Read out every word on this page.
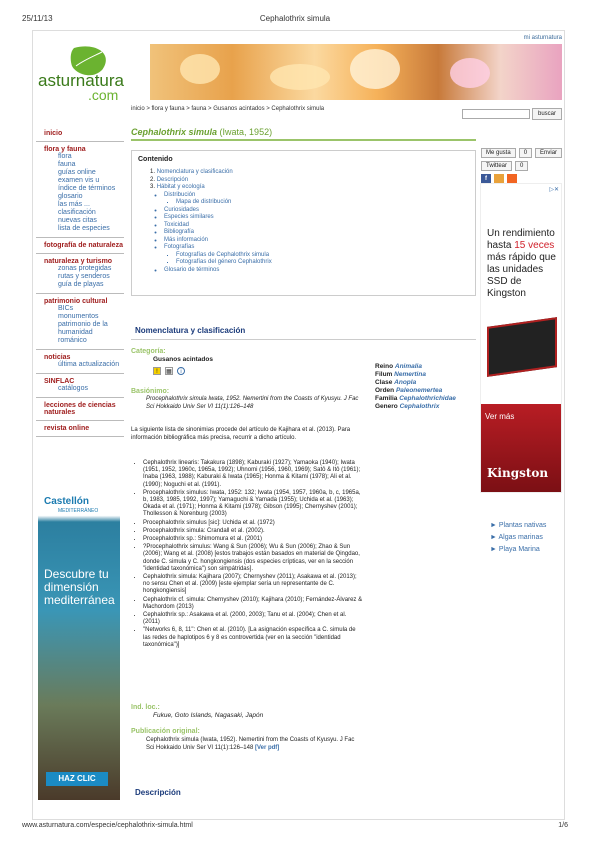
25/11/13	Cephalothrix simula
mi asturnatura
asturnatura
.com
inicio > flora y fauna > fauna > Gusanos acintados > Cephalothrix simula
buscar
inicio
flora y fauna
flora
fauna
guías online
examen vis u
índice de términos
glosario
las más ...
clasificación
nuevas citas
lista de especies
fotografía de naturaleza
naturaleza y turismo
zonas protegidas
rutas y senderos
guía de playas
patrimonio cultural
BICs
monumentos
patrimonio de la humanidad
románico
noticias
última actualización
SINFLAC
catálogos
lecciones de ciencias naturales
revista online
Castellón
MEDITERRÁNEO
Descubre tu dimensión mediterránea
HAZ CLIC
Cephalothrix simula (Iwata, 1952)
Contenido
1. Nomenclatura y clasificación
2. Descripción
3. Hábitat y ecología
◦ Distribución
▪ Mapa de distribución
◦ Curiosidades
◦ Especies similares
◦ Toxicidad
◦ Bibliografía
◦ Más información
◦ Fotografías
▪ Fotografías de Cephalothrix simula
▪ Fotografías del género Cephalothrix
◦ Glosario de términos
Me gusta	0	Enviar
Twittear	0
f
▷✕
Un rendimiento hasta 15 veces más rápido que las unidades SSD de Kingston
Ver más
Kingston
► Plantas nativas
► Algas marinas
► Playa Marina
Nomenclatura y clasificación
Categoría:
Gusanos acintados
!	▦	i
Reino Animalia
Filum Nemertina
Clase Anopla
Orden Paleonemertea
Familia Cephalothrichidae
Genero Cephalothrix
Basiónimo:
Procephalothrix simula Iwata, 1952. Nemertini from the Coasts of Kyusyu. J Fac Sci Hokkaido Univ Ser VI 11(1):126–148
La siguiente lista de sinonimias procede del artículo de Kajihara et al. (2013). Para información bibliográfica más precisa, recurrir a dicho artículo.
• Cephalothrix linearis: Takakura (1898); Kaburaki (1927); Yamaoka (1940); Iwata (1951, 1952, 1960c, 1965a, 1992); Uhnomi (1956, 1960, 1969); Satô & Itô (1961); Inaba (1963, 1988); Kaburaki & Iwata (1965); Honma & Kitami (1978); Ali et al. (1990); Noguchi et al. (1991).
• Procephalothrix simulus: Iwata, 1952: 132; Iwata (1954, 1957, 1960a, b, c, 1965a, b, 1983, 1985, 1992, 1997); Yamaguchi & Yamada (1955); Uchida et al. (1963); Okada et al. (1971); Honma & Kitami (1978); Gibson (1995); Chernyshev (2001); Thollesson & Norenburg (2003)
• Procephalothrix simulus [sic]: Uchida et al. (1972)
• Procephalothrix simula: Crandall et al. (2002).
• Procephalothrix sp.: Shimomura et al. (2001)
• ?Procephalothrix simulus: Wang & Sun (2006); Wu & Sun (2006); Zhao & Sun (2006); Wang et al. (2008) [estos trabajos están basados en material de Qingdao, donde C. simula y C. hongkongiensis (dos especies crípticas, ver en la sección "identidad taxonómica") son simpátridas].
• Cephalothrix simula: Kajihara (2007); Chernyshev (2011); Asakawa et al. (2013); no sensu Chen et al. (2009) [este ejemplar sería un representante de C. hongkongiensis]
• Cephalothrix cf. simula: Chernyshev (2010); Kajihara (2010); Fernández-Álvarez & Machordom (2013)
• Cephalothrix sp.: Asakawa et al. (2000, 2003); Tanu et al. (2004); Chen et al. (2011)
• "Networks 6, 8, 11": Chen et al. (2010). [La asignación específica a C. simula de las redes de haplotipos 6 y 8 es controvertida (ver en la sección "identidad taxonómica")]
Ind. loc.:
Fukue, Goto Islands, Nagasaki, Japón
Publicación original:
Cephalothrix simula (Iwata, 1952). Nemertini from the Coasts of Kyusyu. J Fac Sci Hokkaido Univ Ser VI 11(1):126–148 [Ver pdf]
Descripción
www.asturnatura.com/especie/cephalothrix-simula.html	1/6
